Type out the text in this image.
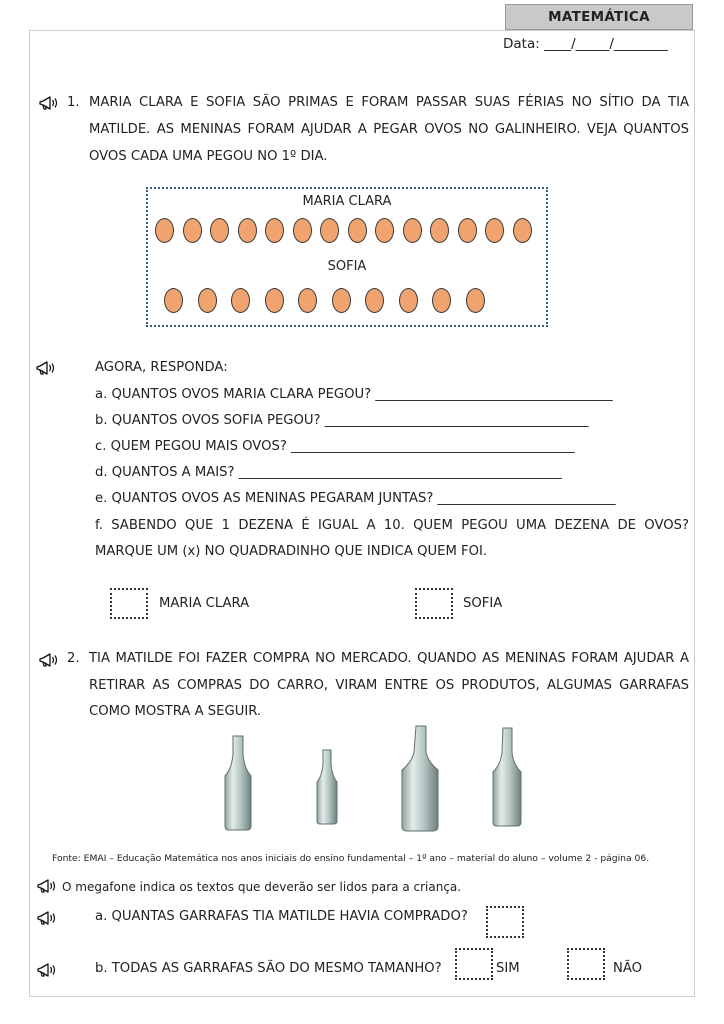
MATEMÁTICA
Data: ____/_____/________
1. MARIA CLARA E SOFIA SÃO PRIMAS E FORAM PASSAR SUAS FÉRIAS NO SÍTIO DA TIA
MATILDE. AS MENINAS FORAM AJUDAR A PEGAR OVOS NO GALINHEIRO. VEJA QUANTOS
OVOS CADA UMA PEGOU NO 1º DIA.
MARIA CLARA
SOFIA
AGORA, RESPONDA:
a. QUANTOS OVOS MARIA CLARA PEGOU? ____________________________________
b. QUANTOS OVOS SOFIA PEGOU? ________________________________________
c. QUEM PEGOU MAIS OVOS? ___________________________________________
d. QUANTOS A MAIS? _________________________________________________
e. QUANTOS OVOS AS MENINAS PEGARAM JUNTAS? ___________________________
f. SABENDO QUE 1 DEZENA É IGUAL A 10. QUEM PEGOU UMA DEZENA DE OVOS?
MARQUE UM (x) NO QUADRADINHO QUE INDICA QUEM FOI.
MARIA CLARA	SOFIA
2. TIA MATILDE FOI FAZER COMPRA NO MERCADO. QUANDO AS MENINAS FORAM AJUDAR A
RETIRAR AS COMPRAS DO CARRO, VIRAM ENTRE OS PRODUTOS, ALGUMAS GARRAFAS
COMO MOSTRA A SEGUIR.
Fonte: EMAI – Educação Matemática nos anos iniciais do ensino fundamental – 1º ano – material do aluno – volume 2 - página 06.
O megafone indica os textos que deverão ser lidos para a criança.
a. QUANTAS GARRAFAS TIA MATILDE HAVIA COMPRADO?
b. TODAS AS GARRAFAS SÃO DO MESMO TAMANHO?	SIM	NÃO
